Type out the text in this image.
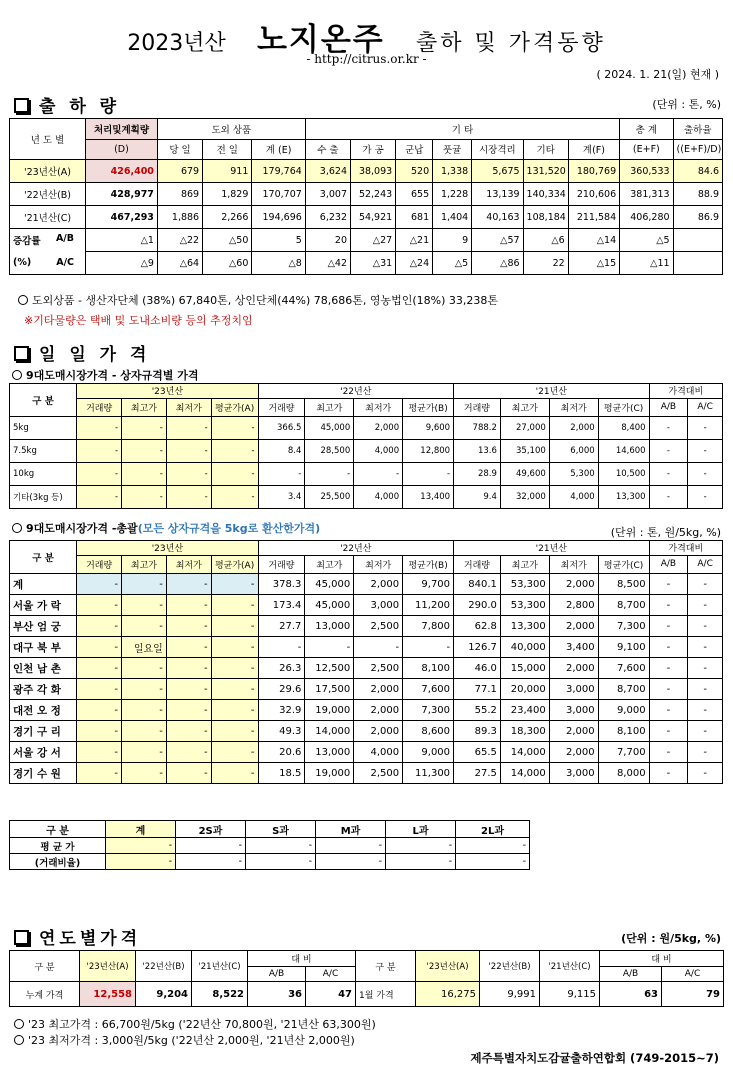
2023년산 노지온주 출하 및 가격동향
- http://citrus.or.kr -
( 2024. 1. 21(일) 현재 )
출 하 량	(단위 : 톤, %)
년 도 별	처리및계획량	도외 상품			기 타							총 계	출하율
	(D)	당 일	전 일	계 (E)	수 출	가 공	군납	풋귤	시장격리	기타	계(F)	(E+F)	((E+F)/D)
'23년산(A)	426,400	679	911	179,764	3,624	38,093	520	1,338	5,675	131,520	180,769	360,533	84.6
'22년산(B)	428,977	869	1,829	170,707	3,007	52,243	655	1,228	13,139	140,334	210,606	381,313	88.9
'21년산(C)	467,293	1,886	2,266	194,696	6,232	54,921	681	1,404	40,163	108,184	211,584	406,280	86.9
증감률 A/B	△1	△22	△50	5	20	△27	△21	9	△57	△6	△14	△5	
(%) A/C	△9	△64	△60	△8	△42	△31	△24	△5	△86	22	△15	△11	
도외상품 - 생산자단체 (38%) 67,840톤, 상인단체(44%) 78,686톤, 영농법인(18%) 33,238톤
※기타물량은 택배 및 도내소비량 등의 추정치임
일 일 가 격
9대도매시장가격 - 상자규격별 가격
구 분	'23년산				'22년산				'21년산				가격대비	
	거래량	최고가	최저가	평균가(A)	거래량	최고가	최저가	평균가(B)	거래량	최고가	최저가	평균가(C)	A/B	A/C
5kg	-	-	-	-	366.5	45,000	2,000	9,600	788.2	27,000	2,000	8,400	-	-
7.5kg	-	-	-	-	8.4	28,500	4,000	12,800	13.6	35,100	6,000	14,600	-	-
10kg	-	-	-	-	-	-	-	-	28.9	49,600	5,300	10,500	-	-
기타(3kg 등)	-	-	-	-	3.4	25,500	4,000	13,400	9.4	32,000	4,000	13,300	-	-
9대도매시장가격 -총괄(모든 상자규격을 5kg로 환산한가격)	(단위 : 톤, 원/5kg, %)
구 분	'23년산				'22년산				'21년산				가격대비	
	거래량	최고가	최저가	평균가(A)	거래량	최고가	최저가	평균가(B)	거래량	최고가	최저가	평균가(C)	A/B	A/C
계	-	-	-	-	378.3	45,000	2,000	9,700	840.1	53,300	2,000	8,500	-	-
서울 가 락	-	-	-	-	173.4	45,000	3,000	11,200	290.0	53,300	2,800	8,700	-	-
부산 엄 궁	-	-	-	-	27.7	13,000	2,500	7,800	62.8	13,300	2,000	7,300	-	-
대구 북 부	-	일요일	-	-	-	-	-	-	126.7	40,000	3,400	9,100	-	-
인천 남 촌	-	-	-	-	26.3	12,500	2,500	8,100	46.0	15,000	2,000	7,600	-	-
광주 각 화	-	-	-	-	29.6	17,500	2,000	7,600	77.1	20,000	3,000	8,700	-	-
대전 오 정	-	-	-	-	32.9	19,000	2,000	7,300	55.2	23,400	3,000	9,000	-	-
경기 구 리	-	-	-	-	49.3	14,000	2,000	8,600	89.3	18,300	2,000	8,100	-	-
서울 강 서	-	-	-	-	20.6	13,000	4,000	9,000	65.5	14,000	2,000	7,700	-	-
경기 수 원	-	-	-	-	18.5	19,000	2,500	11,300	27.5	14,000	3,000	8,000	-	-
구 분	계	2S과	S과	M과	L과	2L과
평 균 가	-	-	-	-	-	-
(거래비율)	-	-	-	-	-	-
연도별가격	(단위 : 원/5kg, %)
구 분	'23년산(A)	'22년산(B)	'21년산(C)	대 비		구 분	'23년산(A)	'22년산(B)	'21년산(C)	대 비	
				A/B	A/C					A/B	A/C
누계 가격	12,558	9,204	8,522	36	47	1월 가격	16,275	9,991	9,115	63	79
'23 최고가격 : 66,700원/5kg ('22년산 70,800원, '21년산 63,300원)
'23 최저가격 : 3,000원/5kg ('22년산 2,000원, '21년산 2,000원)
제주특별자치도감귤출하연합회 (749-2015~7)
